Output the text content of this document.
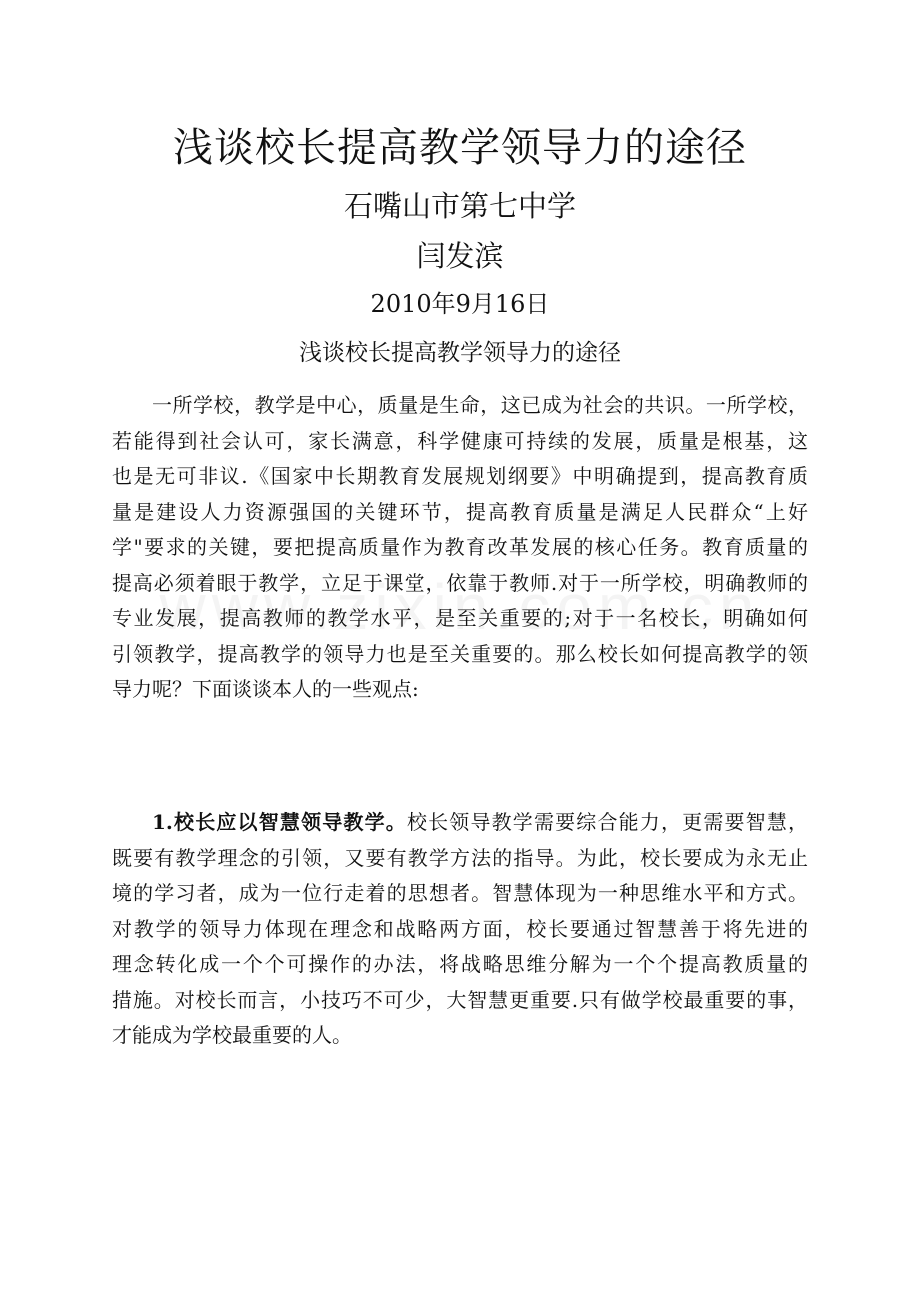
浅谈校长提高教学领导力的途径
石嘴山市第七中学
闫发滨
2010年9月16日
浅谈校长提高教学领导力的途径
一所学校，教学是中心，质量是生命，这已成为社会的共识。一所学校，
若能得到社会认可，家长满意，科学健康可持续的发展，质量是根基，这
也是无可非议.《国家中长期教育发展规划纲要》中明确提到，提高教育质
量是建设人力资源强国的关键环节，提高教育质量是满足人民群众“上好
学"要求的关键，要把提高质量作为教育改革发展的核心任务。教育质量的
提高必须着眼于教学，立足于课堂，依靠于教师.对于一所学校，明确教师的
专业发展，提高教师的教学水平，是至关重要的;对于一名校长，明确如何
引领教学，提高教学的领导力也是至关重要的。那么校长如何提高教学的领
导力呢？下面谈谈本人的一些观点:
1.校长应以智慧领导教学。校长领导教学需要综合能力，更需要智慧，
既要有教学理念的引领，又要有教学方法的指导。为此，校长要成为永无止
境的学习者，成为一位行走着的思想者。智慧体现为一种思维水平和方式。
对教学的领导力体现在理念和战略两方面，校长要通过智慧善于将先进的
理念转化成一个个可操作的办法，将战略思维分解为一个个提高教质量的
措施。对校长而言，小技巧不可少，大智慧更重要.只有做学校最重要的事，
才能成为学校最重要的人。
